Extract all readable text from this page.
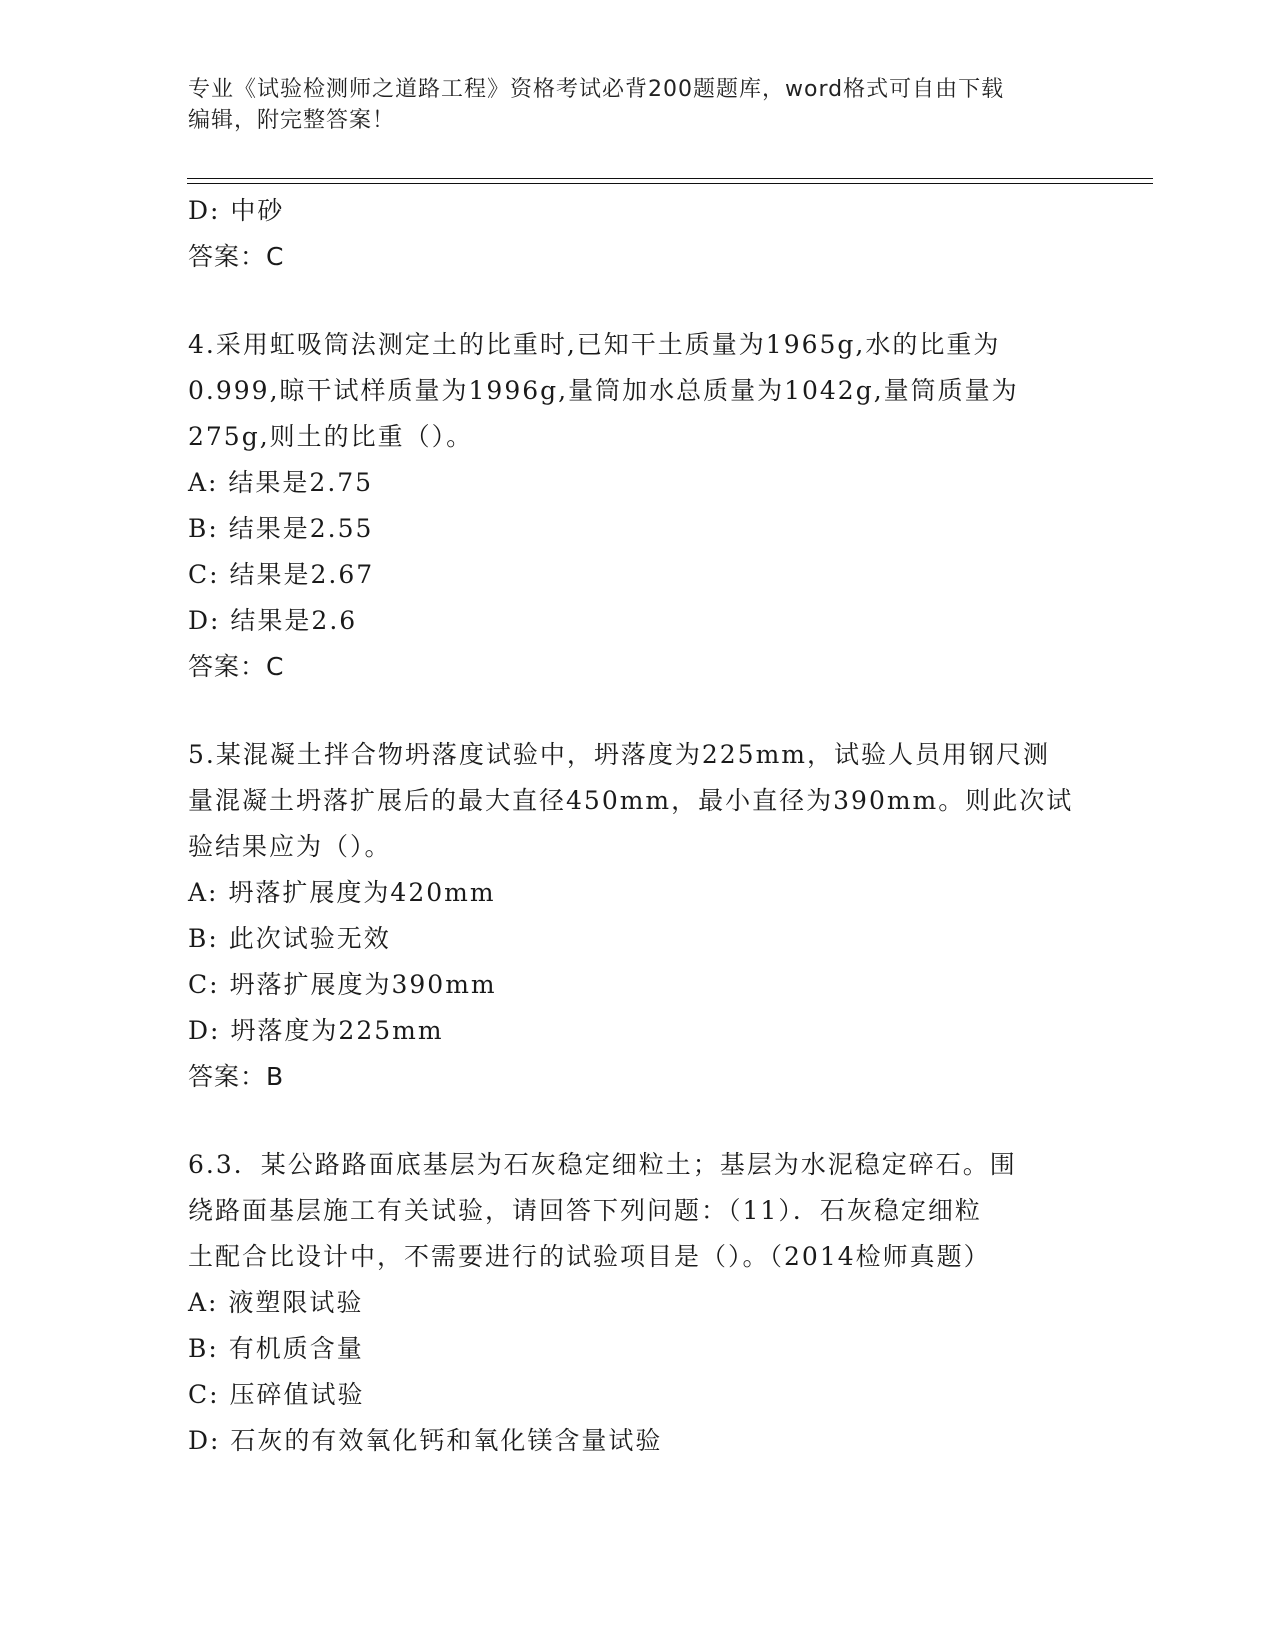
专业《试验检测师之道路工程》资格考试必背200题题库，word格式可自由下载
编辑，附完整答案！
D: 中砂
答案：C
4.采用虹吸筒法测定土的比重时,已知干土质量为1965g,水的比重为
0.999,晾干试样质量为1996g,量筒加水总质量为1042g,量筒质量为
275g,则土的比重（）。
A: 结果是2.75
B: 结果是2.55
C: 结果是2.67
D: 结果是2.6
答案：C
5.某混凝土拌合物坍落度试验中，坍落度为225mm，试验人员用钢尺测
量混凝土坍落扩展后的最大直径450mm，最小直径为390mm。则此次试
验结果应为（）。
A: 坍落扩展度为420mm
B: 此次试验无效
C: 坍落扩展度为390mm
D: 坍落度为225mm
答案：B
6.3．某公路路面底基层为石灰稳定细粒土；基层为水泥稳定碎石。围
绕路面基层施工有关试验，请回答下列问题：（11）．石灰稳定细粒
土配合比设计中，不需要进行的试验项目是（）。（2014检师真题）
A: 液塑限试验
B: 有机质含量
C: 压碎值试验
D: 石灰的有效氧化钙和氧化镁含量试验
